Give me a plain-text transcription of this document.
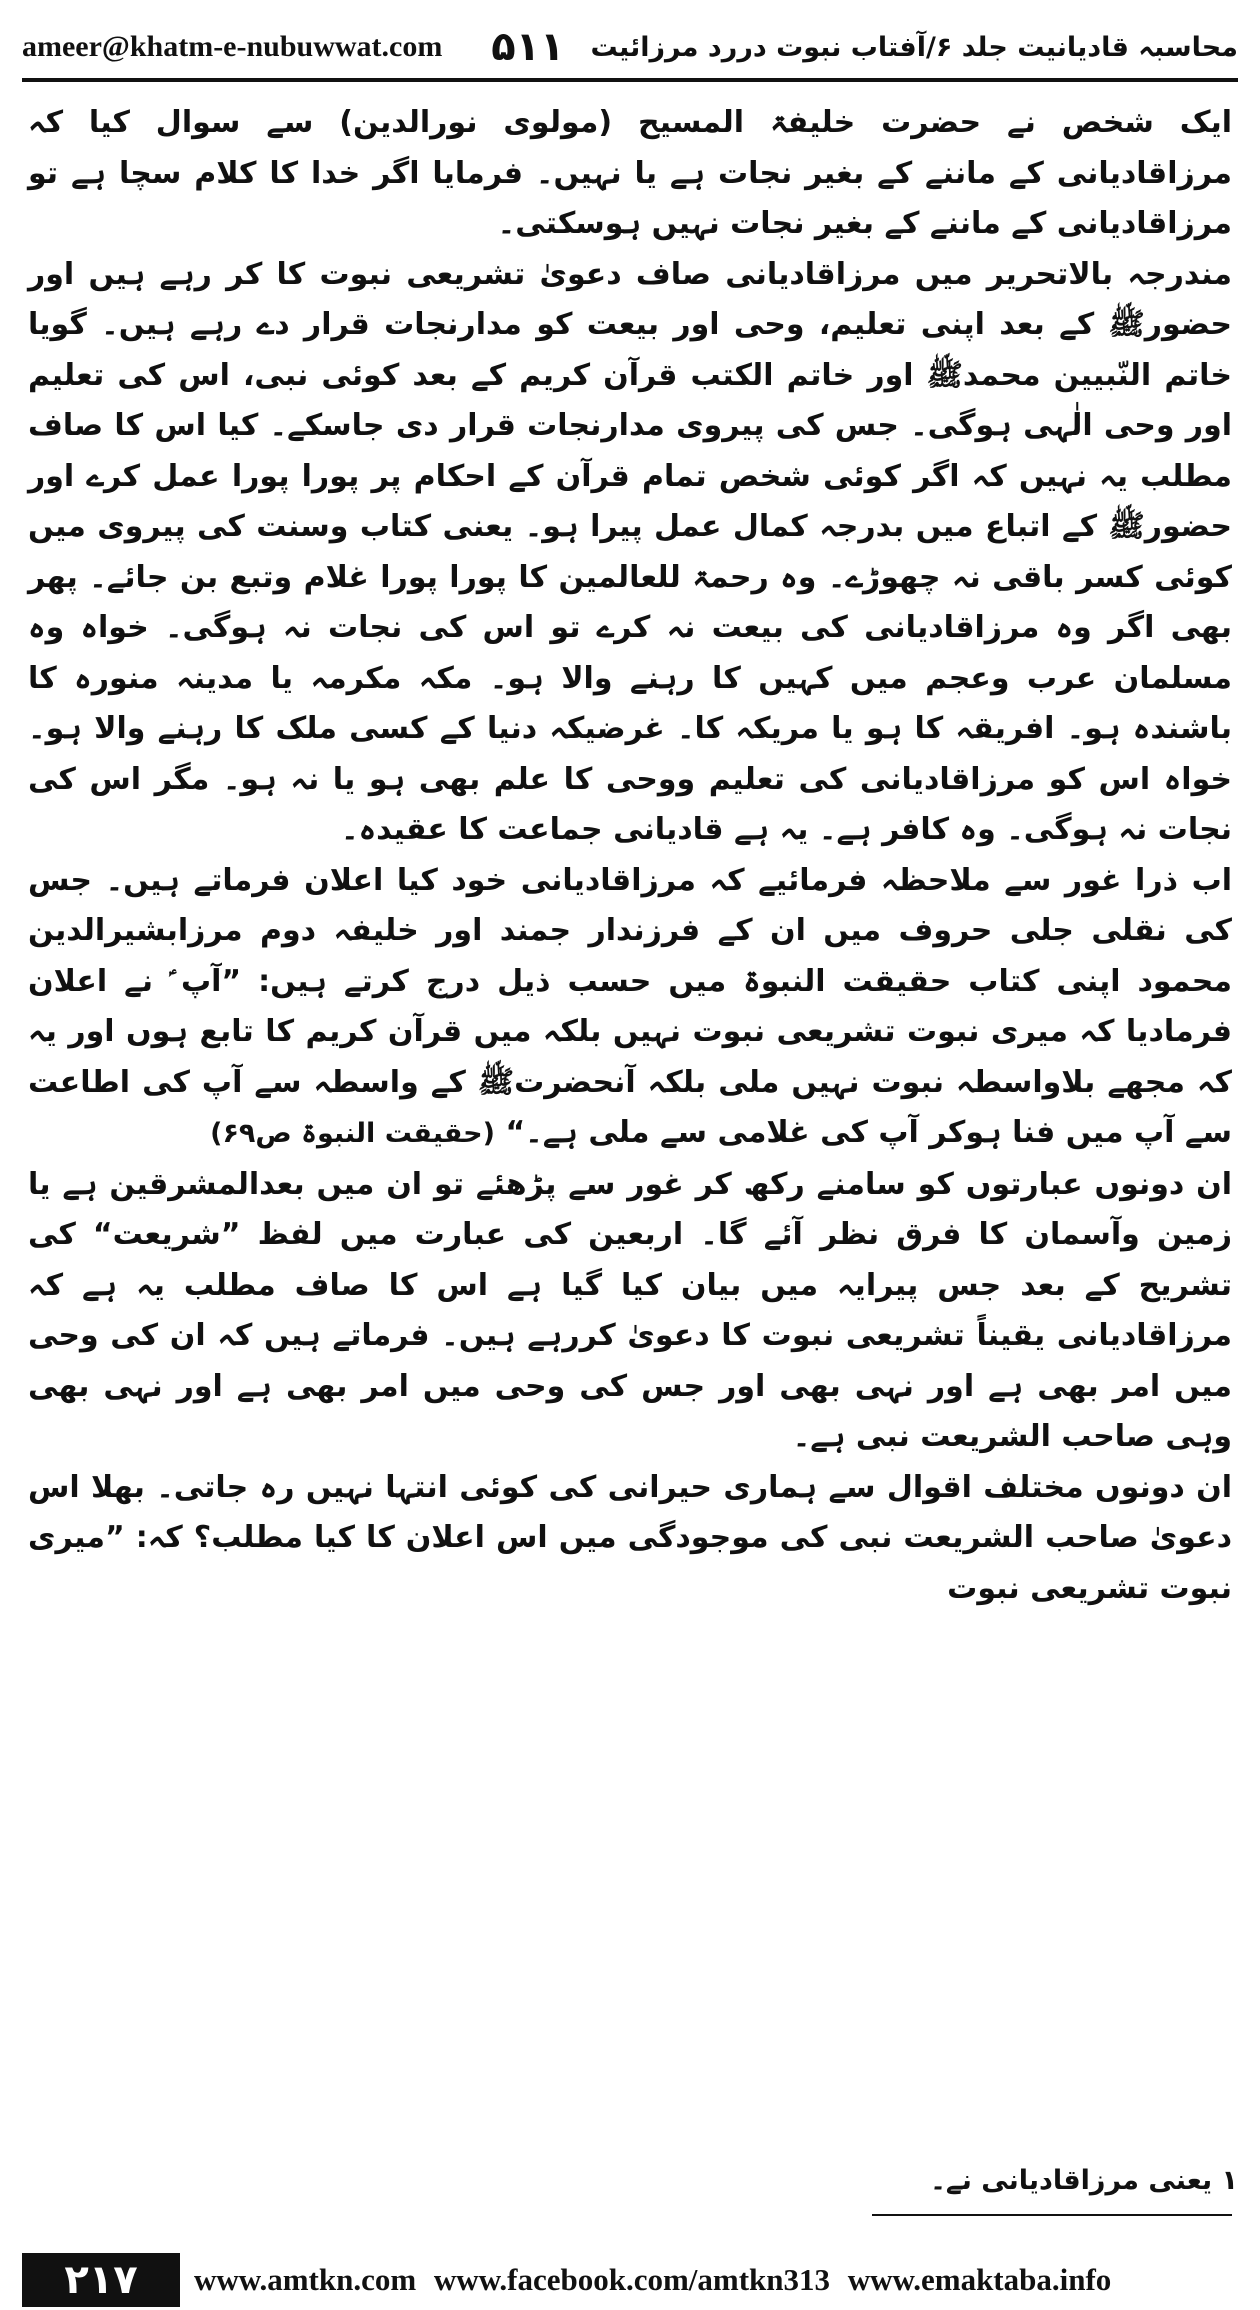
ameer@khatm-e-nubuwwat.com ۵۱۱ محاسبہ قادیانیت جلد ۶/آفتاب نبوت دررد مرزائیت

ایک شخص نے حضرت خلیفۃ المسیح (مولوی نورالدین) سے سوال کیا کہ مرزاقادیانی کے ماننے کے بغیر نجات ہے یا نہیں۔ فرمایا اگر خدا کا کلام سچا ہے تو مرزاقادیانی کے ماننے کے بغیر نجات نہیں ہوسکتی۔

مندرجہ بالاتحریر میں مرزاقادیانی صاف دعویٰ تشریعی نبوت کا کر رہے ہیں اور حضورﷺ کے بعد اپنی تعلیم، وحی اور بیعت کو مدارنجات قرار دے رہے ہیں۔ گویا خاتم النّبیین محمدﷺ اور خاتم الکتب قرآن کریم کے بعد کوئی نبی، اس کی تعلیم اور وحی الٰہی ہوگی۔ جس کی پیروی مدارنجات قرار دی جاسکے۔ کیا اس کا صاف مطلب یہ نہیں کہ اگر کوئی شخص تمام قرآن کے احکام پر پورا پورا عمل کرے اور حضورﷺ کے اتباع میں بدرجہ کمال عمل پیرا ہو۔ یعنی کتاب وسنت کی پیروی میں کوئی کسر باقی نہ چھوڑے۔ وہ رحمۃ للعالمین کا پورا پورا غلام وتبع بن جائے۔ پھر بھی اگر وہ مرزاقادیانی کی بیعت نہ کرے تو اس کی نجات نہ ہوگی۔ خواہ وہ مسلمان عرب وعجم میں کہیں کا رہنے والا ہو۔ مکہ مکرمہ یا مدینہ منورہ کا باشندہ ہو۔ افریقہ کا ہو یا مریکہ کا۔ غرضیکہ دنیا کے کسی ملک کا رہنے والا ہو۔ خواہ اس کو مرزاقادیانی کی تعلیم ووحی کا علم بھی ہو یا نہ ہو۔ مگر اس کی نجات نہ ہوگی۔ وہ کافر ہے۔ یہ ہے قادیانی جماعت کا عقیدہ۔

اب ذرا غور سے ملاحظہ فرمائیے کہ مرزاقادیانی خود کیا اعلان فرماتے ہیں۔ جس کی نقلی جلی حروف میں ان کے فرزندار جمند اور خلیفہ دوم مرزابشیرالدین محمود اپنی کتاب حقیقت النبوۃ میں حسب ذیل درج کرتے ہیں: ”آپ ؑ نے اعلان فرمادیا کہ میری نبوت تشریعی نبوت نہیں بلکہ میں قرآن کریم کا تابع ہوں اور یہ کہ مجھے بلاواسطہ نبوت نہیں ملی بلکہ آنحضرتﷺ کے واسطہ سے آپ کی اطاعت سے آپ میں فنا ہوکر آپ کی غلامی سے ملی ہے۔“ (حقیقت النبوۃ ص۶۹)

ان دونوں عبارتوں کو سامنے رکھ کر غور سے پڑھئے تو ان میں بعدالمشرقین ہے یا زمین وآسمان کا فرق نظر آئے گا۔ اربعین کی عبارت میں لفظ ”شریعت“ کی تشریح کے بعد جس پیرایہ میں بیان کیا گیا ہے اس کا صاف مطلب یہ ہے کہ مرزاقادیانی یقیناً تشریعی نبوت کا دعویٰ کررہے ہیں۔ فرماتے ہیں کہ ان کی وحی میں امر بھی ہے اور نہی بھی اور جس کی وحی میں امر بھی ہے اور نہی بھی وہی صاحب الشریعت نبی ہے۔

ان دونوں مختلف اقوال سے ہماری حیرانی کی کوئی انتہا نہیں رہ جاتی۔ بھلا اس دعویٰ صاحب الشریعت نبی کی موجودگی میں اس اعلان کا کیا مطلب؟ کہ: ”میری نبوت تشریعی نبوت

۱ یعنی مرزاقادیانی نے۔
۲۱۷	www.amtkn.com www.facebook.com/amtkn313 www.emaktaba.info
